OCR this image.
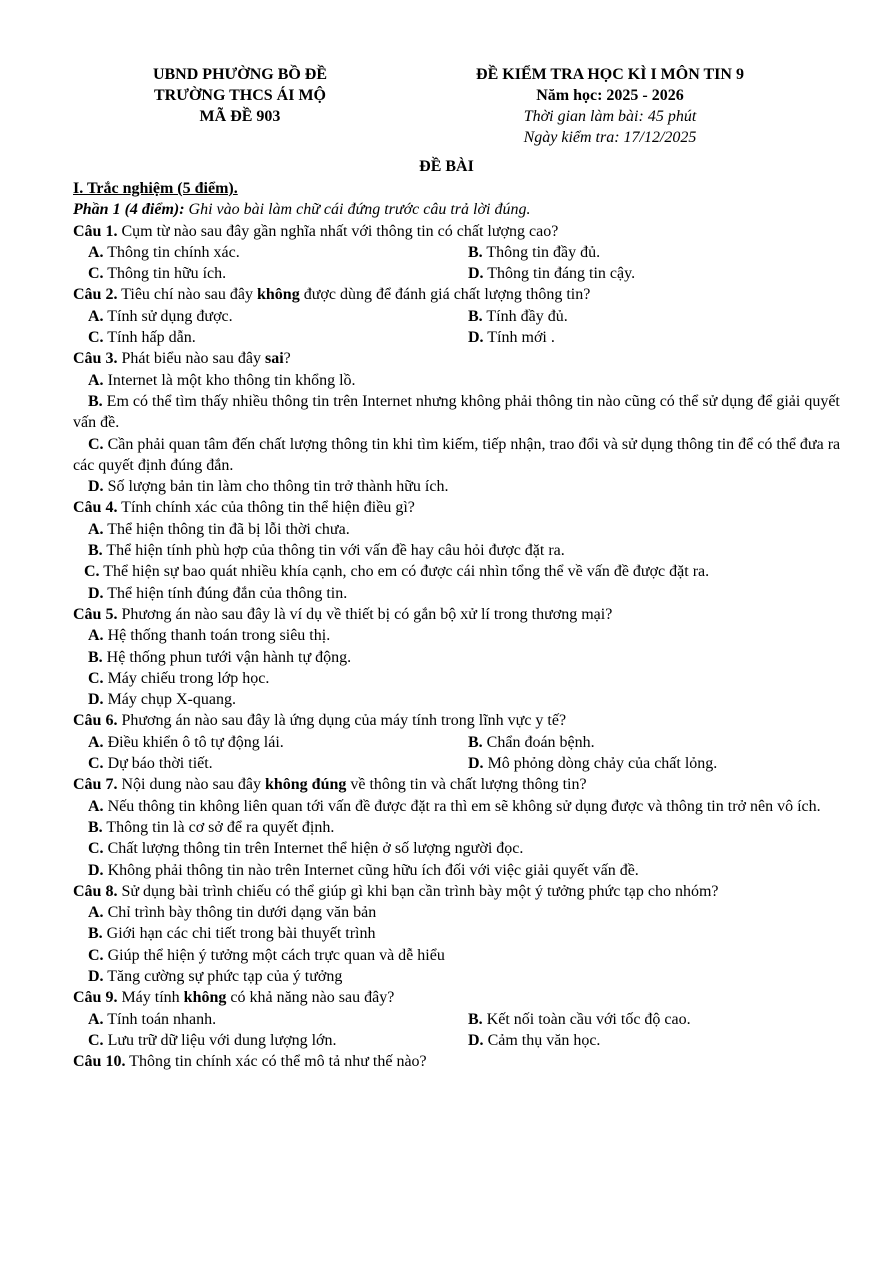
UBND PHƯỜNG BỒ ĐỀ
TRƯỜNG THCS ÁI MỘ
MÃ ĐỀ 903
ĐỀ KIỂM TRA HỌC KÌ I MÔN TIN 9
Năm học: 2025 - 2026
Thời gian làm bài: 45 phút
Ngày kiểm tra: 17/12/2025
ĐỀ BÀI
I. Trắc nghiệm (5 điểm).
Phần 1 (4 điểm): Ghi vào bài làm chữ cái đứng trước câu trả lời đúng.
Câu 1. Cụm từ nào sau đây gần nghĩa nhất với thông tin có chất lượng cao?
A. Thông tin chính xác.	B. Thông tin đầy đủ.
C. Thông tin hữu ích.	D. Thông tin đáng tin cậy.
Câu 2. Tiêu chí nào sau đây không được dùng để đánh giá chất lượng thông tin?
A. Tính sử dụng được.	B. Tính đầy đủ.
C. Tính hấp dẫn.	D. Tính mới .
Câu 3. Phát biểu nào sau đây sai?
A. Internet là một kho thông tin khổng lồ.
B. Em có thể tìm thấy nhiều thông tin trên Internet nhưng không phải thông tin nào cũng có thể sử dụng để giải quyết vấn đề.
C. Cần phải quan tâm đến chất lượng thông tin khi tìm kiếm, tiếp nhận, trao đổi và sử dụng thông tin để có thể đưa ra các quyết định đúng đắn.
D. Số lượng bản tin làm cho thông tin trở thành hữu ích.
Câu 4. Tính chính xác của thông tin thể hiện điều gì?
A. Thể hiện thông tin đã bị lỗi thời chưa.
B. Thể hiện tính phù hợp của thông tin với vấn đề hay câu hỏi được đặt ra.
C. Thể hiện sự bao quát nhiều khía cạnh, cho em có được cái nhìn tổng thể về vấn đề được đặt ra.
D. Thể hiện tính đúng đắn của thông tin.
Câu 5. Phương án nào sau đây là ví dụ về thiết bị có gắn bộ xử lí trong thương mại?
A. Hệ thống thanh toán trong siêu thị.
B. Hệ thống phun tưới vận hành tự động.
C. Máy chiếu trong lớp học.
D. Máy chụp X-quang.
Câu 6. Phương án nào sau đây là ứng dụng của máy tính trong lĩnh vực y tế?
A. Điều khiển ô tô tự động lái.	B. Chẩn đoán bệnh.
C. Dự báo thời tiết.	D. Mô phỏng dòng chảy của chất lỏng.
Câu 7. Nội dung nào sau đây không đúng về thông tin và chất lượng thông tin?
A. Nếu thông tin không liên quan tới vấn đề được đặt ra thì em sẽ không sử dụng được và thông tin trở nên vô ích.
B. Thông tin là cơ sở để ra quyết định.
C. Chất lượng thông tin trên Internet thể hiện ở số lượng người đọc.
D. Không phải thông tin nào trên Internet cũng hữu ích đối với việc giải quyết vấn đề.
Câu 8. Sử dụng bài trình chiếu có thể giúp gì khi bạn cần trình bày một ý tưởng phức tạp cho nhóm?
A. Chỉ trình bày thông tin dưới dạng văn bản
B. Giới hạn các chi tiết trong bài thuyết trình
C. Giúp thể hiện ý tưởng một cách trực quan và dễ hiểu
D. Tăng cường sự phức tạp của ý tưởng
Câu 9. Máy tính không có khả năng nào sau đây?
A. Tính toán nhanh.	B. Kết nối toàn cầu với tốc độ cao.
C. Lưu trữ dữ liệu với dung lượng lớn.	D. Cảm thụ văn học.
Câu 10. Thông tin chính xác có thể mô tả như thế nào?
